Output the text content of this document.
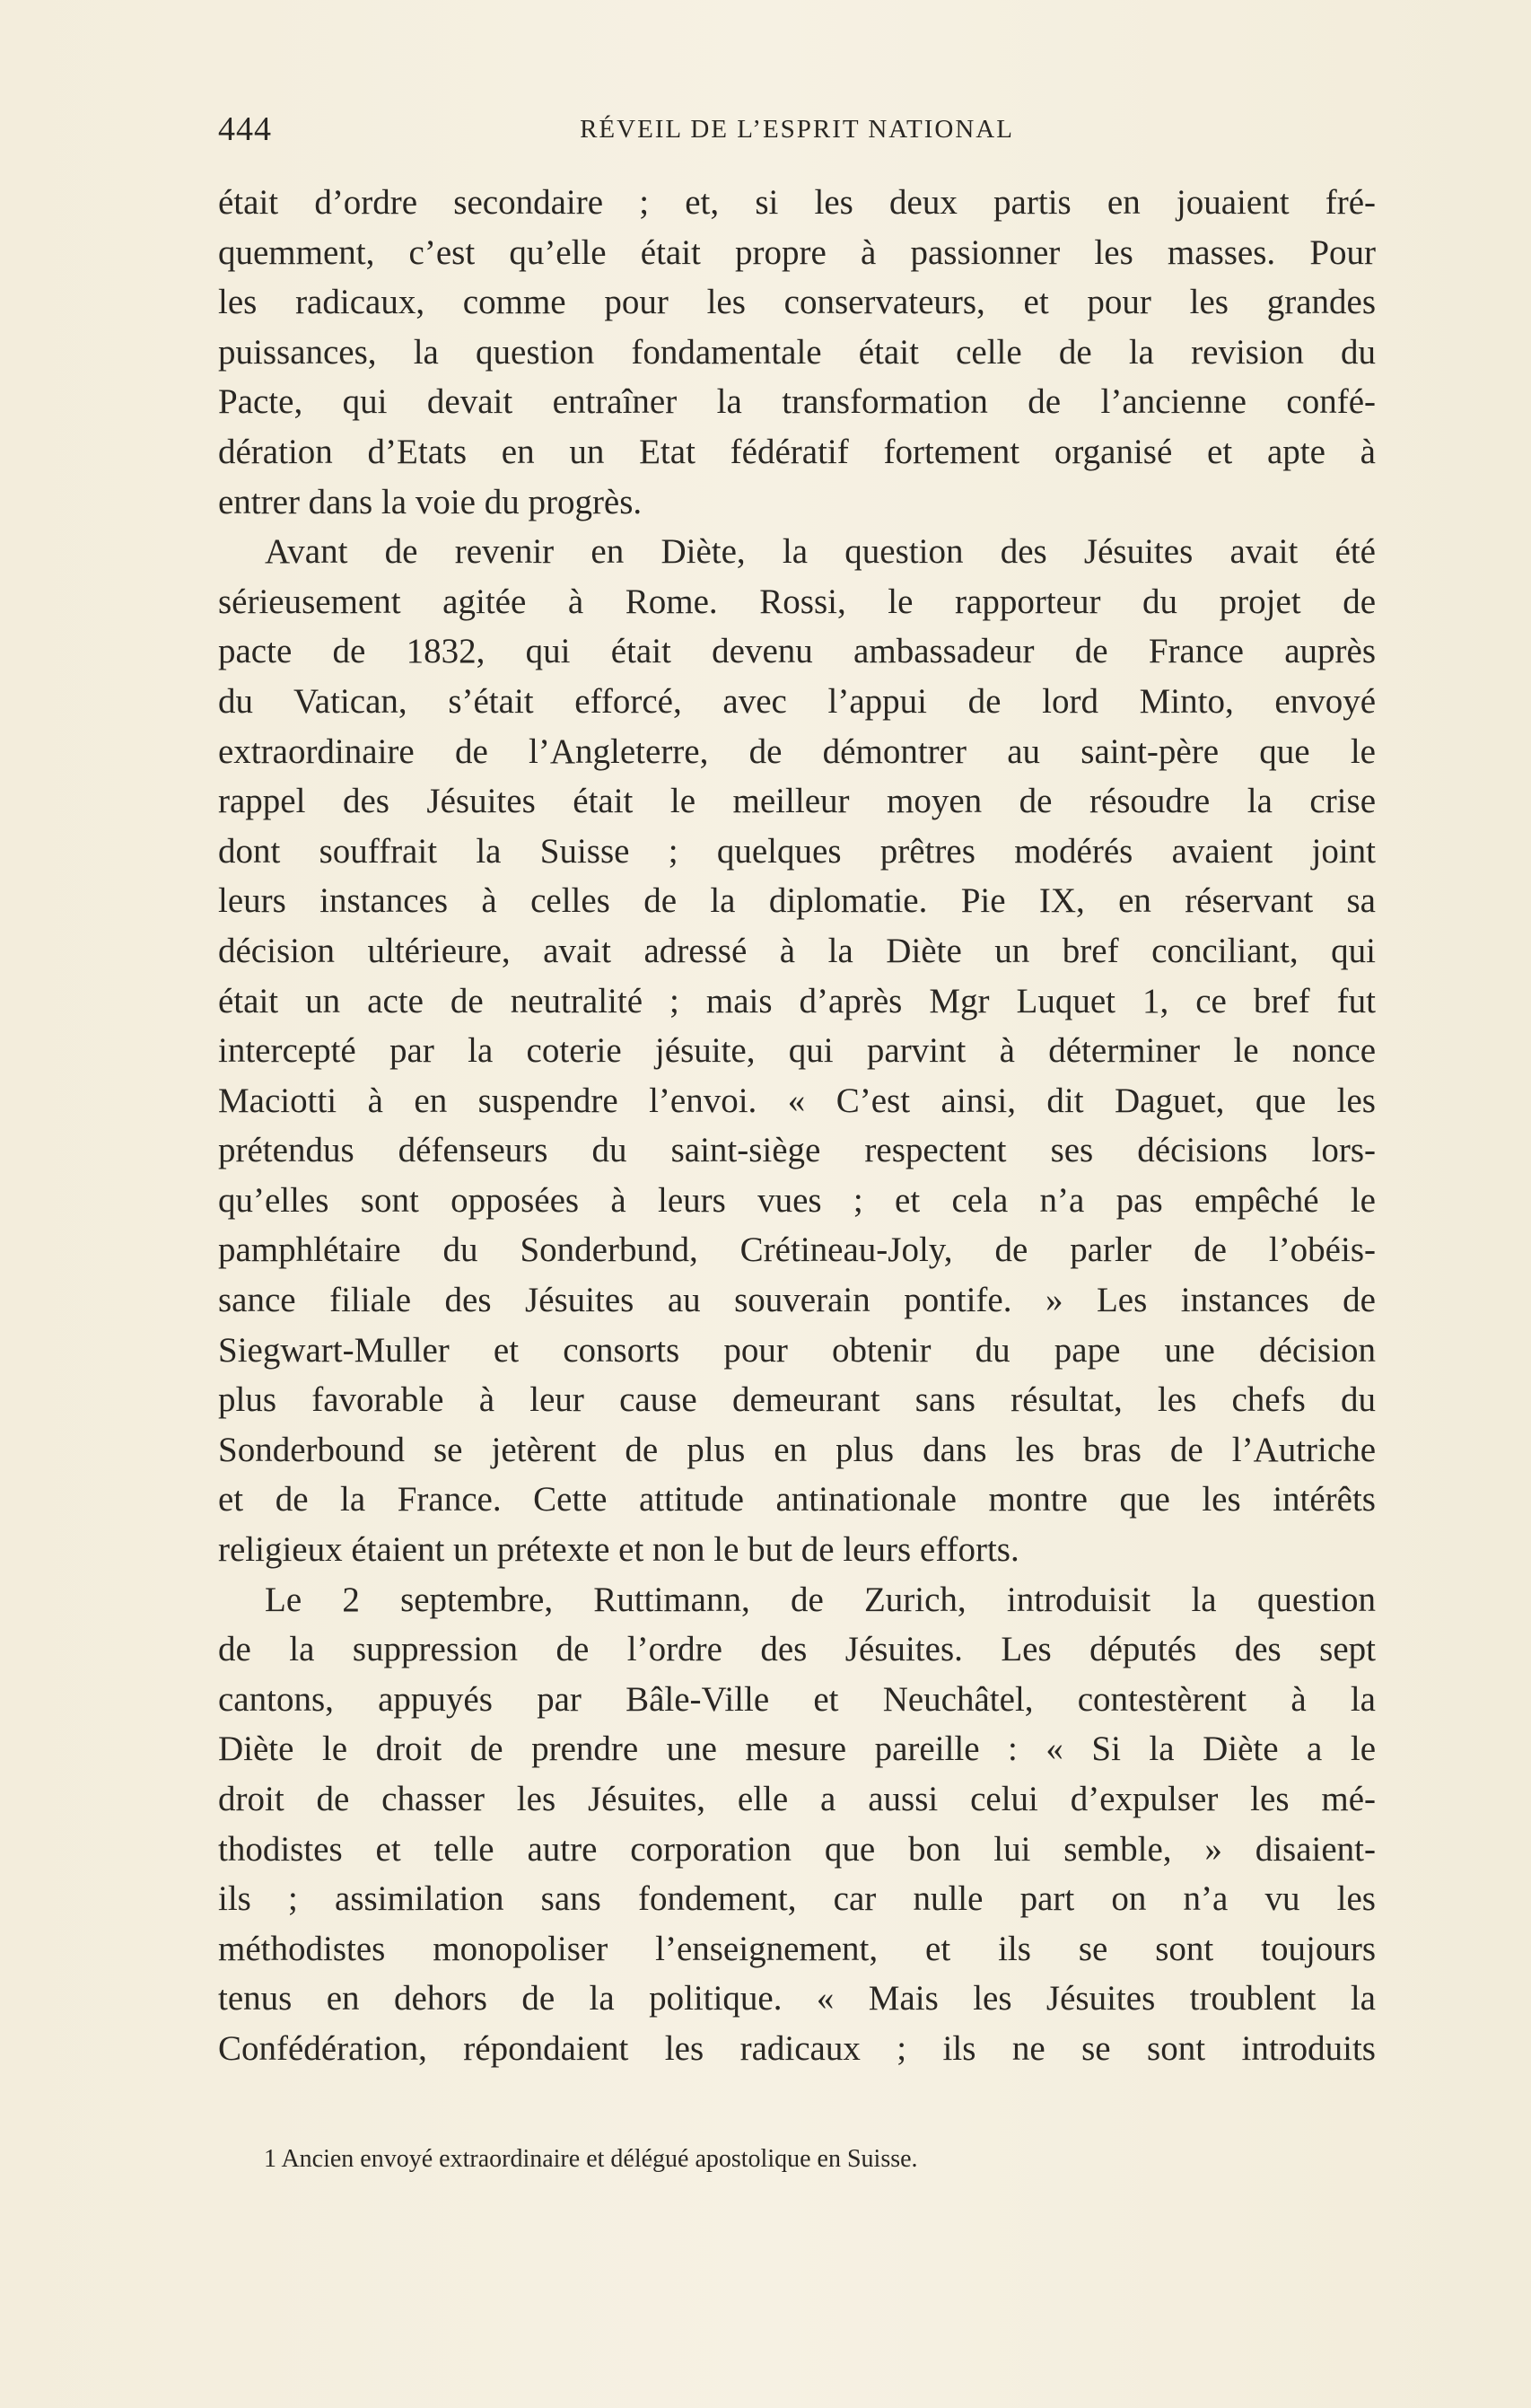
444	RÉVEIL DE L’ESPRIT NATIONAL
était d’ordre secondaire ; et, si les deux partis en jouaient fré-
quemment, c’est qu’elle était propre à passionner les masses. Pour
les radicaux, comme pour les conservateurs, et pour les grandes
puissances, la question fondamentale était celle de la revision du
Pacte, qui devait entraîner la transformation de l’ancienne confé-
dération d’Etats en un Etat fédératif fortement organisé et apte à
entrer dans la voie du progrès.
Avant de revenir en Diète, la question des Jésuites avait été
sérieusement agitée à Rome. Rossi, le rapporteur du projet de
pacte de 1832, qui était devenu ambassadeur de France auprès
du Vatican, s’était efforcé, avec l’appui de lord Minto, envoyé
extraordinaire de l’Angleterre, de démontrer au saint-père que le
rappel des Jésuites était le meilleur moyen de résoudre la crise
dont souffrait la Suisse ; quelques prêtres modérés avaient joint
leurs instances à celles de la diplomatie. Pie IX, en réservant sa
décision ultérieure, avait adressé à la Diète un bref conciliant, qui
était un acte de neutralité ; mais d’après Mgr Luquet 1, ce bref fut
intercepté par la coterie jésuite, qui parvint à déterminer le nonce
Maciotti à en suspendre l’envoi. « C’est ainsi, dit Daguet, que les
prétendus défenseurs du saint-siège respectent ses décisions lors-
qu’elles sont opposées à leurs vues ; et cela n’a pas empêché le
pamphlétaire du Sonderbund, Crétineau-Joly, de parler de l’obéis-
sance filiale des Jésuites au souverain pontife. » Les instances de
Siegwart-Muller et consorts pour obtenir du pape une décision
plus favorable à leur cause demeurant sans résultat, les chefs du
Sonderbound se jetèrent de plus en plus dans les bras de l’Autriche
et de la France. Cette attitude antinationale montre que les intérêts
religieux étaient un prétexte et non le but de leurs efforts.
Le 2 septembre, Ruttimann, de Zurich, introduisit la question
de la suppression de l’ordre des Jésuites. Les députés des sept
cantons, appuyés par Bâle-Ville et Neuchâtel, contestèrent à la
Diète le droit de prendre une mesure pareille : « Si la Diète a le
droit de chasser les Jésuites, elle a aussi celui d’expulser les mé-
thodistes et telle autre corporation que bon lui semble, » disaient-
ils ; assimilation sans fondement, car nulle part on n’a vu les
méthodistes monopoliser l’enseignement, et ils se sont toujours
tenus en dehors de la politique. « Mais les Jésuites troublent la
Confédération, répondaient les radicaux ; ils ne se sont introduits
1 Ancien envoyé extraordinaire et délégué apostolique en Suisse.
